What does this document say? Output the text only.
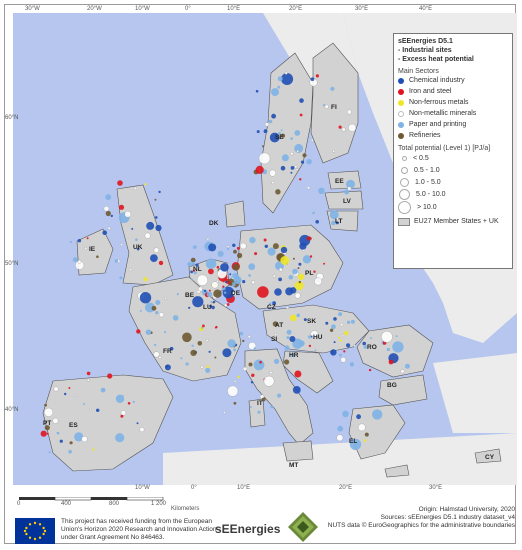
SE
FI
EE
LV
LT
DK
IE	UK
NL
BE
LU
DE
PL
CZ
SK
AT
HU
SI
HR
FR
RO
BG
IT
PT	ES
EL
MT
CY
30°W	20°W	10°W	0°	10°E	20°E	30°E	40°E
60°N
50°N
40°N
10°W	0°	10°E	20°E	30°E
sEEnergies D5.1
- Industrial sites
- Excess heat potential
Main Sectors
Chemical industry
Iron and steel
Non-ferrous metals
Non-metallic minerals
Paper and printing
Refineries
Total potential (Level 1) [PJ/a]
< 0.5
0.5 - 1.0
1.0 - 5.0
5.0 - 10.0
> 10.0
EU27 Member States + UK
0	400	800	1 200
Kilometers
This project has received funding from the European Union's Horizon 2020 Research and Innovation Action under Grant Agreement No 846463.
sEEnergies
Origin: Halmstad University, 2020
Sources: sEEnergies D5.1 industry dataset_v4
NUTS data © EuroGeographics for the administrative boundaries
